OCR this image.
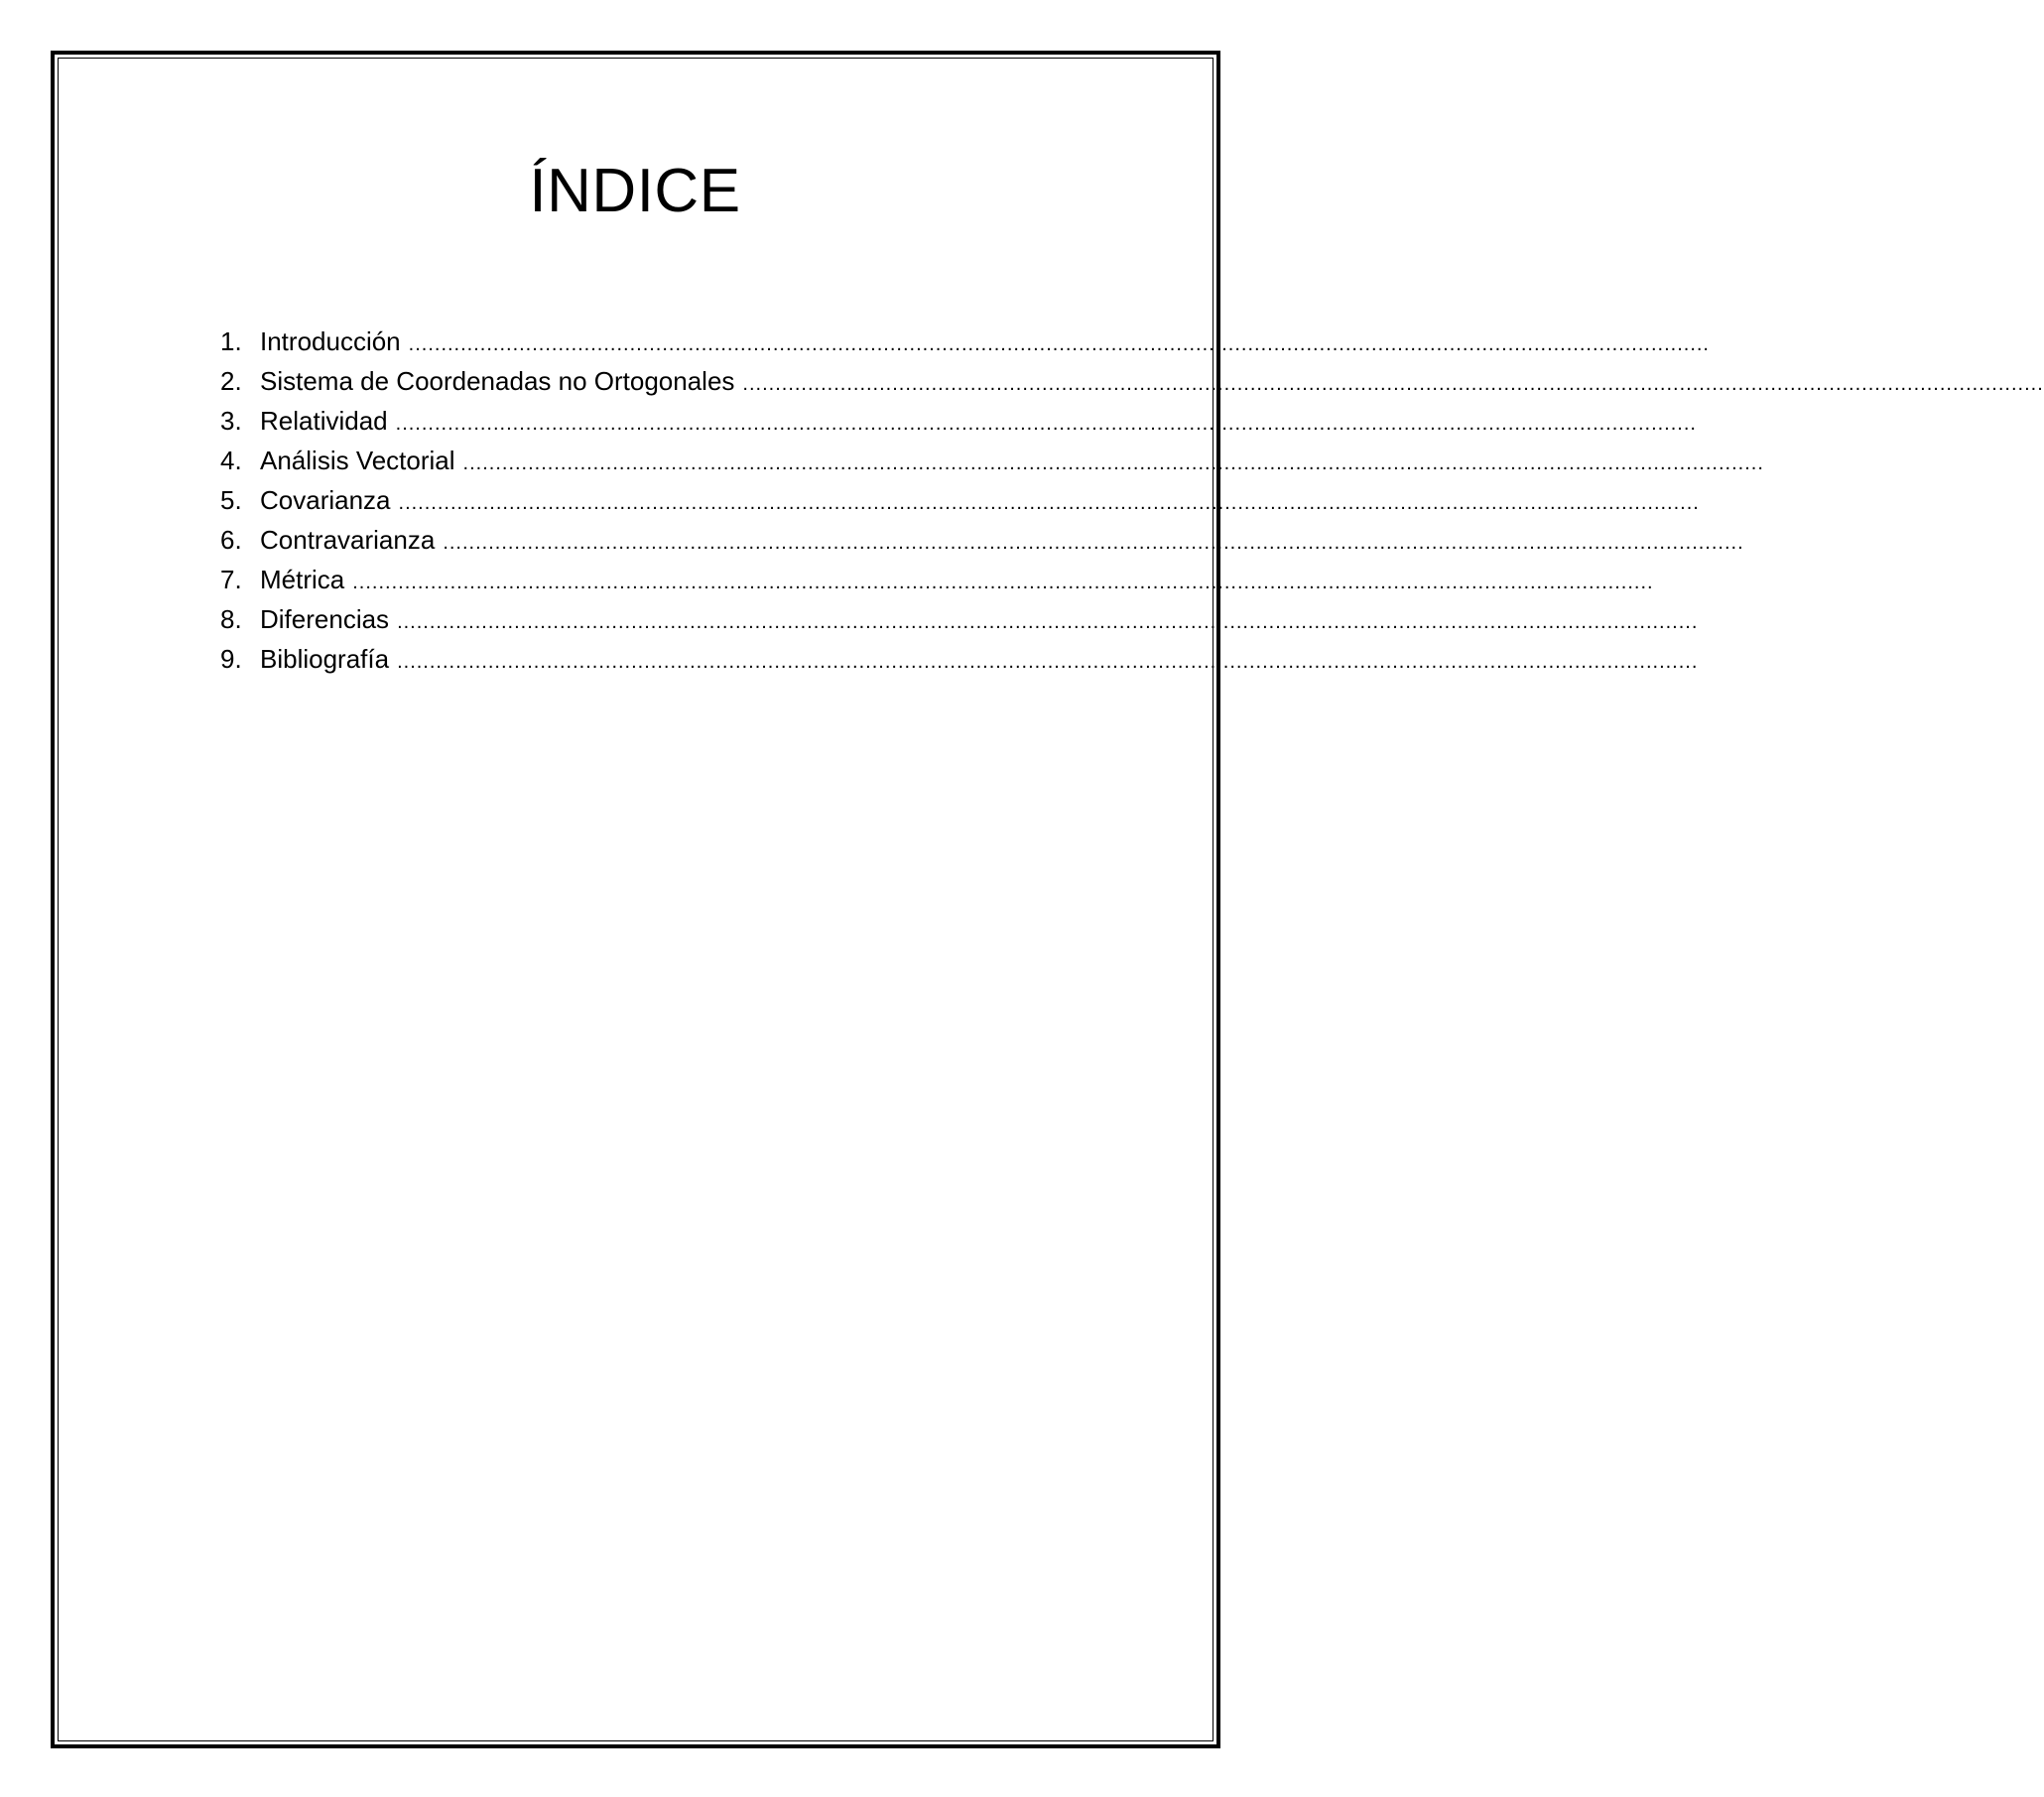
ÍNDICE
1. Introducción ........................................................................................................................................................................................................
2. Sistema de Coordenadas no Ortogonales ........................................................................................................................................................................................................
3. Relatividad ........................................................................................................................................................................................................
4. Análisis Vectorial ........................................................................................................................................................................................................
5. Covarianza ........................................................................................................................................................................................................
6. Contravarianza ........................................................................................................................................................................................................
7. Métrica ........................................................................................................................................................................................................
8. Diferencias ........................................................................................................................................................................................................
9. Bibliografía ........................................................................................................................................................................................................
